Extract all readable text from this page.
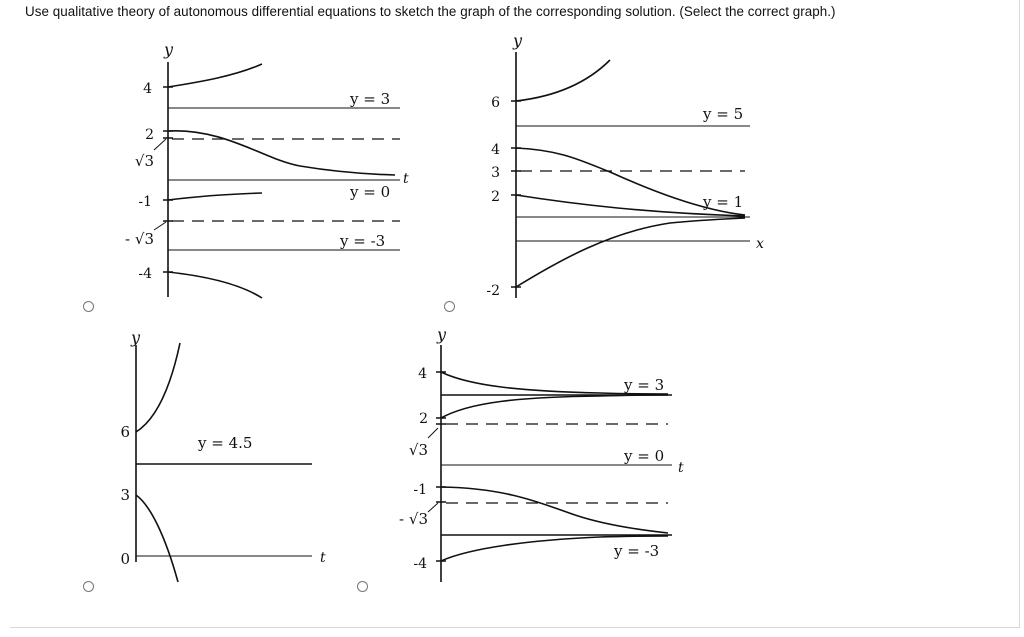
Use qualitative theory of autonomous differential equations to sketch the graph of the corresponding solution. (Select the correct graph.)
y
4
2
√3
-1
- √3
-4
y = 3
y = 0
y = -3
t
y
6
4
3
2
-2
y = 5
y = 1
x
y
6
3
0
y = 4.5
t
y
4
2
√3
-1
- √3
-4
y = 3
y = 0
t
y = -3
